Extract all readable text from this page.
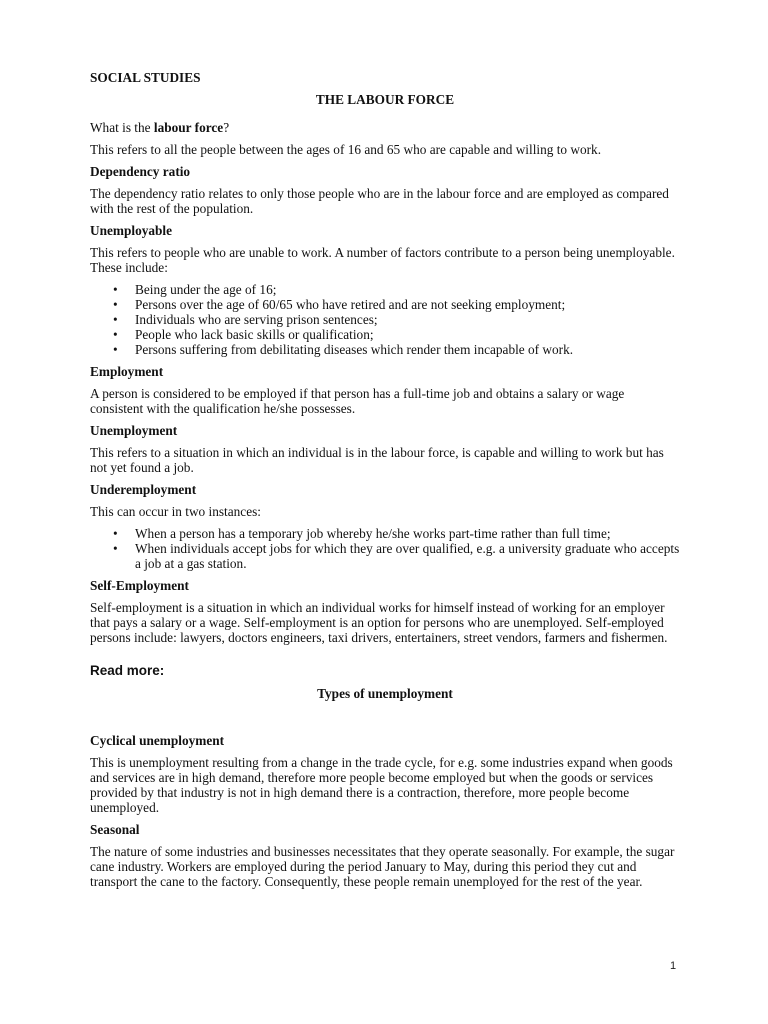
SOCIAL STUDIES
THE LABOUR FORCE

What is the labour force?

This refers to all the people between the ages of 16 and 65 who are capable and willing to work.

Dependency ratio

The dependency ratio relates to only those people who are in the labour force and are employed as compared with the rest of the population.

Unemployable

This refers to people who are unable to work. A number of factors contribute to a person being unemployable. These include:

• Being under the age of 16;
• Persons over the age of 60/65 who have retired and are not seeking employment;
• Individuals who are serving prison sentences;
• People who lack basic skills or qualification;
• Persons suffering from debilitating diseases which render them incapable of work.
Employment

A person is considered to be employed if that person has a full-time job and obtains a salary or wage consistent with the qualification he/she possesses.

Unemployment

This refers to a situation in which an individual is in the labour force, is capable and willing to work but has not yet found a job.

Underemployment

This can occur in two instances:

• When a person has a temporary job whereby he/she works part-time rather than full time;
• When individuals accept jobs for which they are over qualified, e.g. a university graduate who accepts a job at a gas station.
Self-Employment

Self-employment is a situation in which an individual works for himself instead of working for an employer that pays a salary or a wage. Self-employment is an option for persons who are unemployed. Self-employed persons include: lawyers, doctors engineers, taxi drivers, entertainers, street vendors, farmers and fishermen.

Read more:
Types of unemployment
Cyclical unemployment

This is unemployment resulting from a change in the trade cycle, for e.g. some industries expand when goods and services are in high demand, therefore more people become employed but when the goods or services provided by that industry is not in high demand there is a contraction, therefore, more people become unemployed.

Seasonal

The nature of some industries and businesses necessitates that they operate seasonally. For example, the sugar cane industry. Workers are employed during the period January to May, during this period they cut and transport the cane to the factory. Consequently, these people remain unemployed for the rest of the year.

1
